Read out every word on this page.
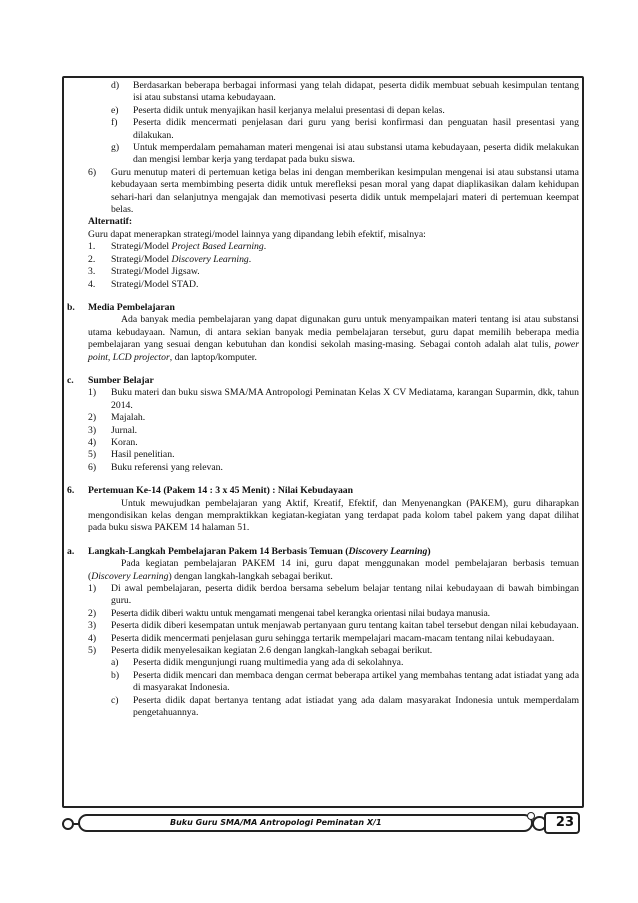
d) Berdasarkan beberapa berbagai informasi yang telah didapat, peserta didik membuat sebuah kesimpulan tentang isi atau substansi utama kebudayaan.
e) Peserta didik untuk menyajikan hasil kerjanya melalui presentasi di depan kelas.
f) Peserta didik mencermati penjelasan dari guru yang berisi konfirmasi dan penguatan hasil presentasi yang dilakukan.
g) Untuk memperdalam pemahaman materi mengenai isi atau substansi utama kebudayaan, peserta didik melakukan dan mengisi lembar kerja yang terdapat pada buku siswa.
6) Guru menutup materi di pertemuan ketiga belas ini dengan memberikan kesimpulan mengenai isi atau substansi utama kebudayaan serta membimbing peserta didik untuk merefleksi pesan moral yang dapat diaplikasikan dalam kehidupan sehari-hari dan selanjutnya mengajak dan memotivasi peserta didik untuk mempelajari materi di pertemuan keempat belas.
Alternatif:
Guru dapat menerapkan strategi/model lainnya yang dipandang lebih efektif, misalnya:
1. Strategi/Model Project Based Learning.
2. Strategi/Model Discovery Learning.
3. Strategi/Model Jigsaw.
4. Strategi/Model STAD.
b. Media Pembelajaran
Ada banyak media pembelajaran yang dapat digunakan guru untuk menyampaikan materi tentang isi atau substansi utama kebudayaan. Namun, di antara sekian banyak media pembelajaran tersebut, guru dapat memilih beberapa media pembelajaran yang sesuai dengan kebutuhan dan kondisi sekolah masing-masing. Sebagai contoh adalah alat tulis, power point, LCD projector, dan laptop/komputer.
c. Sumber Belajar
1) Buku materi dan buku siswa SMA/MA Antropologi Peminatan Kelas X CV Mediatama, karangan Suparmin, dkk, tahun 2014.
2) Majalah.
3) Jurnal.
4) Koran.
5) Hasil penelitian.
6) Buku referensi yang relevan.
6. Pertemuan Ke-14 (Pakem 14 : 3 x 45 Menit) : Nilai Kebudayaan
Untuk mewujudkan pembelajaran yang Aktif, Kreatif, Efektif, dan Menyenangkan (PAKEM), guru diharapkan mengondisikan kelas dengan mempraktikkan kegiatan-kegiatan yang terdapat pada kolom tabel pakem yang dapat dilihat pada buku siswa PAKEM 14 halaman 51.
a. Langkah-Langkah Pembelajaran Pakem 14 Berbasis Temuan (Discovery Learning)
Pada kegiatan pembelajaran PAKEM 14 ini, guru dapat menggunakan model pembelajaran berbasis temuan (Discovery Learning) dengan langkah-langkah sebagai berikut.
1) Di awal pembelajaran, peserta didik berdoa bersama sebelum belajar tentang nilai kebudayaan di bawah bimbingan guru.
2) Peserta didik diberi waktu untuk mengamati mengenai tabel kerangka orientasi nilai budaya manusia.
3) Peserta didik diberi kesempatan untuk menjawab pertanyaan guru tentang kaitan tabel tersebut dengan nilai kebudayaan.
4) Peserta didik mencermati penjelasan guru sehingga tertarik mempelajari macam-macam tentang nilai kebudayaan.
5) Peserta didik menyelesaikan kegiatan 2.6 dengan langkah-langkah sebagai berikut.
a) Peserta didik mengunjungi ruang multimedia yang ada di sekolahnya.
b) Peserta didik mencari dan membaca dengan cermat beberapa artikel yang membahas tentang adat istiadat yang ada di masyarakat Indonesia.
c) Peserta didik dapat bertanya tentang adat istiadat yang ada dalam masyarakat Indonesia untuk memperdalam pengetahuannya.
Buku Guru SMA/MA Antropologi Peminatan X/1	23
